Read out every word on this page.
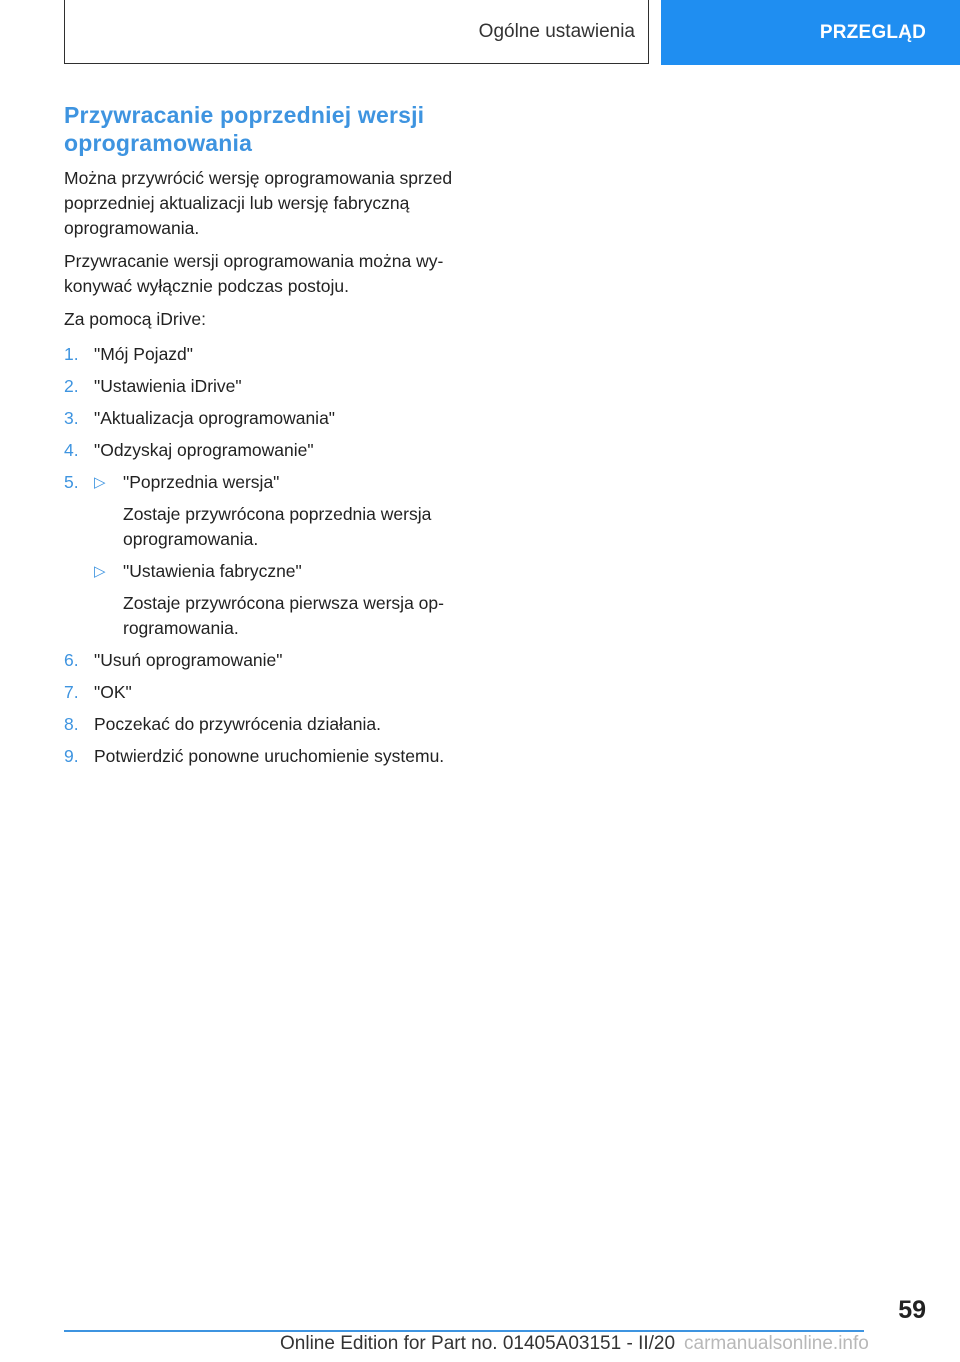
Ogólne ustawienia	PRZEGLĄD
Przywracanie poprzedniej wersji oprogramowania

Można przywrócić wersję oprogramowania sprzed poprzedniej aktualizacji lub wersję fabryczną oprogramowania.

Przywracanie wersji oprogramowania można wykonywać wyłącznie podczas postoju.

Za pomocą iDrive:

1. "Mój Pojazd"
2. "Ustawienia iDrive"
3. "Aktualizacja oprogramowania"
4. "Odzyskaj oprogramowanie"
5. ▷ "Poprzednia wersja"
Zostaje przywrócona poprzednia wersja oprogramowania.
▷ "Ustawienia fabryczne"
Zostaje przywrócona pierwsza wersja oprogramowania.
6. "Usuń oprogramowanie"
7. "OK"
8. Poczekać do przywrócenia działania.
9. Potwierdzić ponowne uruchomienie systemu.
59
Online Edition for Part no. 01405A03151 - II/20 carmanualsonline.info
